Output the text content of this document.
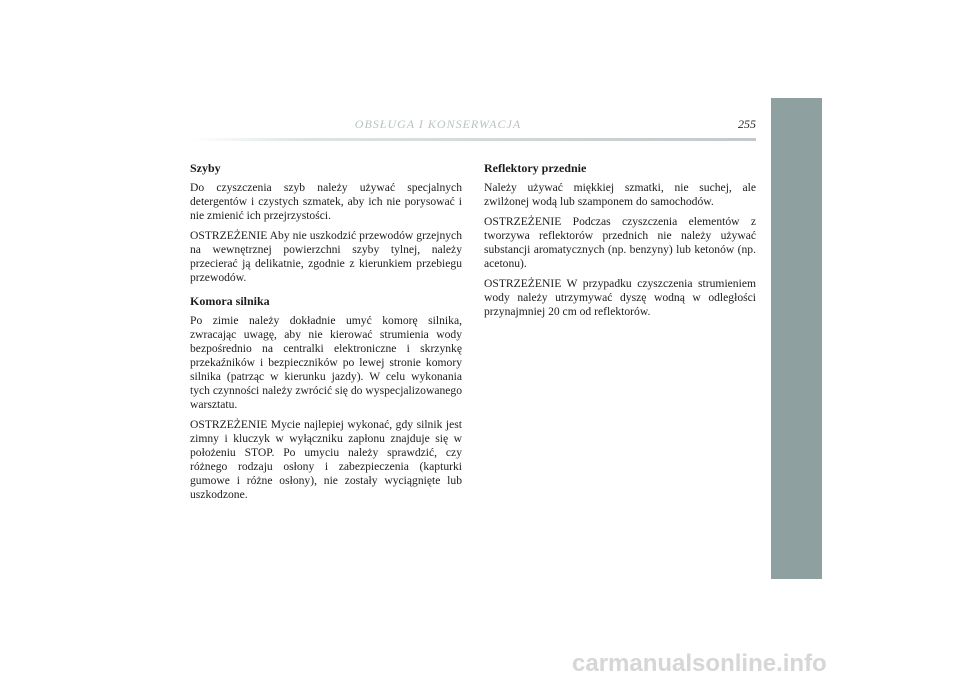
OBSŁUGA I KONSERWACJA	255
Szyby

Do czyszczenia szyb należy używać specjalnych detergentów i czystych szmatek, aby ich nie porysować i nie zmienić ich przejrzystości.

OSTRZEŻENIE Aby nie uszkodzić przewodów grzejnych na wewnętrznej powierzchni szyby tylnej, należy przecierać ją delikatnie, zgodnie z kierunkiem przebiegu przewodów.

Komora silnika

Po zimie należy dokładnie umyć komorę silnika, zwracając uwagę, aby nie kierować strumienia wody bezpośrednio na centralki elektroniczne i skrzynkę przekaźników i bezpieczników po lewej stronie komory silnika (patrząc w kierunku jazdy). W celu wykonania tych czynności należy zwrócić się do wyspecjalizowanego warsztatu.

OSTRZEŻENIE Mycie najlepiej wykonać, gdy silnik jest zimny i kluczyk w wyłączniku zapłonu znajduje się w położeniu STOP. Po umyciu należy sprawdzić, czy różnego rodzaju osłony i zabezpieczenia (kapturki gumowe i różne osłony), nie zostały wyciągnięte lub uszkodzone.

Reflektory przednie

Należy używać miękkiej szmatki, nie suchej, ale zwilżonej wodą lub szamponem do samochodów.

OSTRZEŻENIE Podczas czyszczenia elementów z tworzywa reflektorów przednich nie należy używać substancji aromatycznych (np. benzyny) lub ketonów (np. acetonu).

OSTRZEŻENIE W przypadku czyszczenia strumieniem wody należy utrzymywać dyszę wodną w odległości przynajmniej 20 cm od reflektorów.

carmanualsonline.info
